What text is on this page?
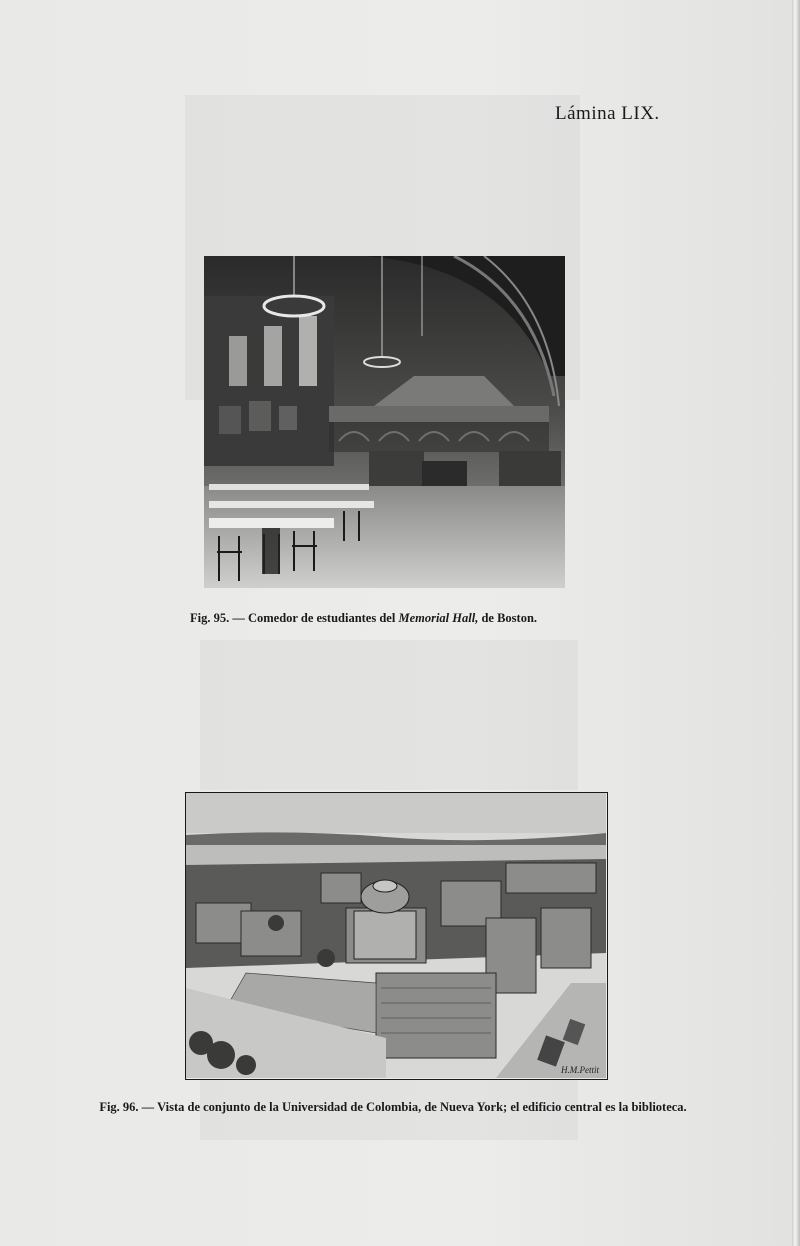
Lámina LIX.
Fig. 95. — Comedor de estudiantes del Memorial Hall, de Boston.
H.M.Pettit
Fig. 96. — Vista de conjunto de la Universidad de Colombia, de Nueva York; el edificio central es la biblioteca.
